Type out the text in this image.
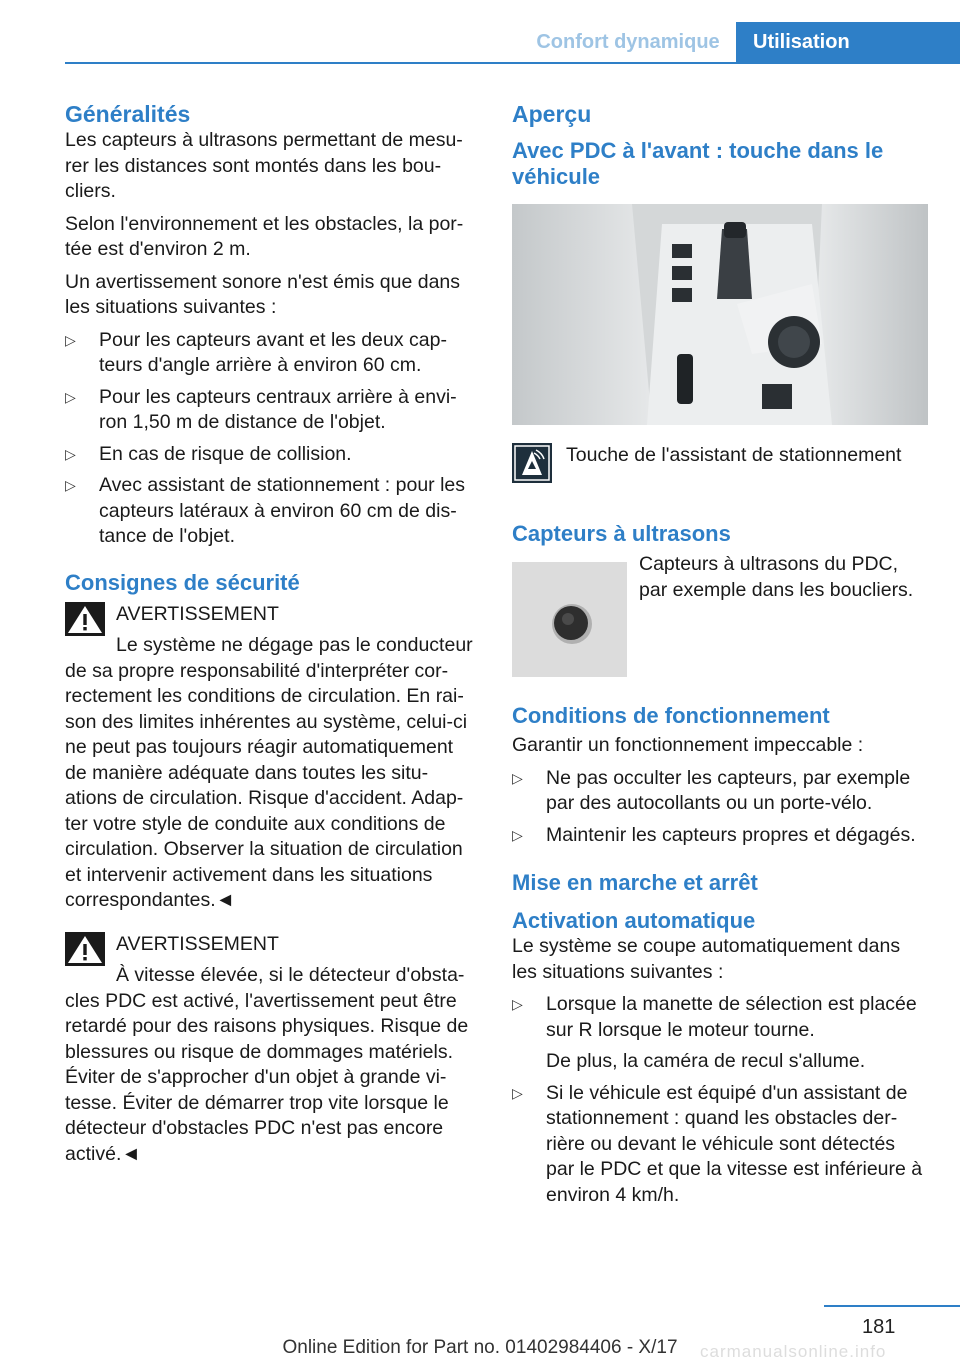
Confort dynamique	Utilisation
Généralités

Les capteurs à ultrasons permettant de mesu-rer les distances sont montés dans les bou-cliers.

Selon l'environnement et les obstacles, la por-tée est d'environ 2 m.

Un avertissement sonore n'est émis que dans les situations suivantes :

▷ Pour les capteurs avant et les deux cap-teurs d'angle arrière à environ 60 cm.

▷ Pour les capteurs centraux arrière à envi-ron 1,50 m de distance de l'objet.

▷ En cas de risque de collision.

▷ Avec assistant de stationnement : pour les capteurs latéraux à environ 60 cm de dis-tance de l'objet.

Consignes de sécurité

AVERTISSEMENT

Le système ne dégage pas le conducteur

de sa propre responsabilité d'interpréter cor-rectement les conditions de circulation. En rai-son des limites inhérentes au système, celui-ci ne peut pas toujours réagir automatiquement de manière adéquate dans toutes les situ-ations de circulation. Risque d'accident. Adap-ter votre style de conduite aux conditions de circulation. Observer la situation de circulation et intervenir activement dans les situations correspondantes.◄

AVERTISSEMENT

À vitesse élevée, si le détecteur d'obsta-

cles PDC est activé, l'avertissement peut être retardé pour des raisons physiques. Risque de blessures ou risque de dommages matériels. Éviter de s'approcher d'un objet à grande vi-tesse. Éviter de démarrer trop vite lorsque le détecteur d'obstacles PDC n'est pas encore activé.◄

Aperçu
Avec PDC à l'avant : touche dans le véhicule

Touche de l'assistant de stationnement

Capteurs à ultrasons

Capteurs à ultrasons du PDC, par exemple dans les boucliers.

Conditions de fonctionnement

Garantir un fonctionnement impeccable :

▷ Ne pas occulter les capteurs, par exemple par des autocollants ou un porte-vélo.

▷ Maintenir les capteurs propres et dégagés.

Mise en marche et arrêt
Activation automatique

Le système se coupe automatiquement dans les situations suivantes :

▷ Lorsque la manette de sélection est placée sur R lorsque le moteur tourne.

De plus, la caméra de recul s'allume.

▷ Si le véhicule est équipé d'un assistant de stationnement : quand les obstacles der-rière ou devant le véhicule sont détectés par le PDC et que la vitesse est inférieure à environ 4 km/h.

181
carmanualsonline.info
Online Edition for Part no. 01402984406 - X/17
